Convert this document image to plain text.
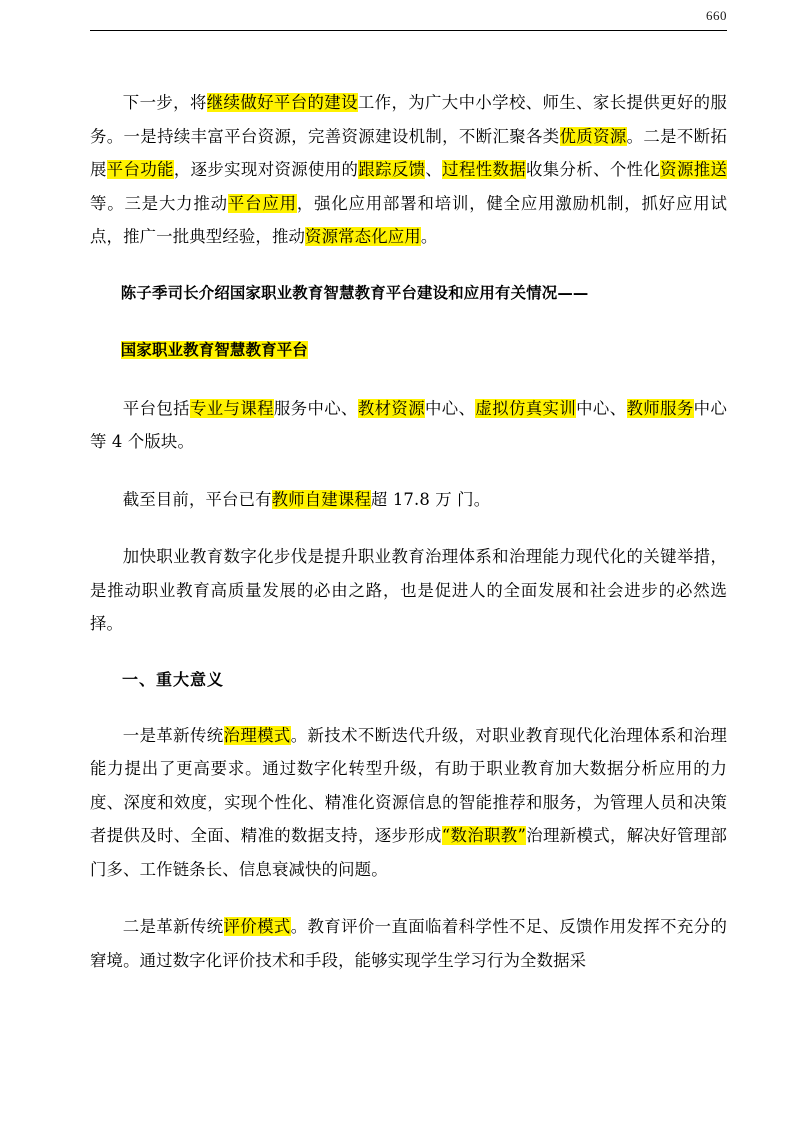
660

下一步，将继续做好平台的建设工作，为广大中小学校、师生、家长提供更好的服务。一是持续丰富平台资源，完善资源建设机制，不断汇聚各类优质资源。二是不断拓展平台功能，逐步实现对资源使用的跟踪反馈、过程性数据收集分析、个性化资源推送等。三是大力推动平台应用，强化应用部署和培训，健全应用激励机制，抓好应用试点，推广一批典型经验，推动资源常态化应用。

陈子季司长介绍国家职业教育智慧教育平台建设和应用有关情况——

国家职业教育智慧教育平台

平台包括专业与课程服务中心、教材资源中心、虚拟仿真实训中心、教师服务中心等 4 个版块。

截至目前，平台已有教师自建课程超 17.8 万 门。

加快职业教育数字化步伐是提升职业教育治理体系和治理能力现代化的关键举措，是推动职业教育高质量发展的必由之路，也是促进人的全面发展和社会进步的必然选择。

一、重大意义

一是革新传统治理模式。新技术不断迭代升级，对职业教育现代化治理体系和治理能力提出了更高要求。通过数字化转型升级，有助于职业教育加大数据分析应用的力度、深度和效度，实现个性化、精准化资源信息的智能推荐和服务，为管理人员和决策者提供及时、全面、精准的数据支持，逐步形成“数治职教”治理新模式，解决好管理部门多、工作链条长、信息衰减快的问题。

二是革新传统评价模式。教育评价一直面临着科学性不足、反馈作用发挥不充分的窘境。通过数字化评价技术和手段，能够实现学生学习行为全数据采
